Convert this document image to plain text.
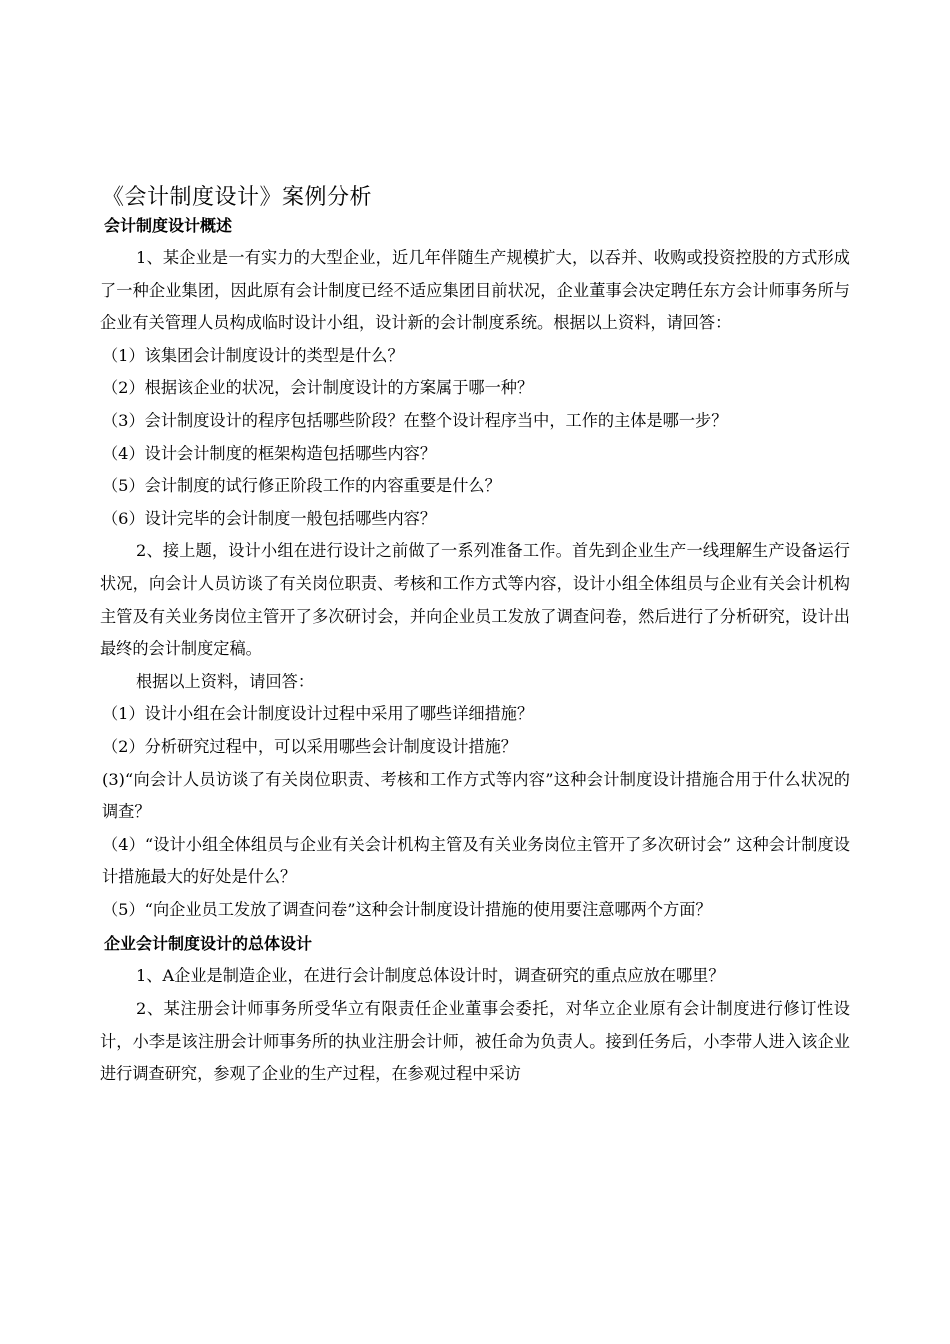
《会计制度设计》案例分析
会计制度设计概述

1、某企业是一有实力的大型企业，近几年伴随生产规模扩大，以吞并、收购或投资控股的方式形成了一种企业集团，因此原有会计制度已经不适应集团目前状况，企业董事会决定聘任东方会计师事务所与企业有关管理人员构成临时设计小组，设计新的会计制度系统。根据以上资料，请回答：

（1）该集团会计制度设计的类型是什么？

（2）根据该企业的状况，会计制度设计的方案属于哪一种？

（3）会计制度设计的程序包括哪些阶段？在整个设计程序当中，工作的主体是哪一步？

（4）设计会计制度的框架构造包括哪些内容？

（5）会计制度的试行修正阶段工作的内容重要是什么？

（6）设计完毕的会计制度一般包括哪些内容？

2、接上题，设计小组在进行设计之前做了一系列准备工作。首先到企业生产一线理解生产设备运行状况，向会计人员访谈了有关岗位职责、考核和工作方式等内容，设计小组全体组员与企业有关会计机构主管及有关业务岗位主管开了多次研讨会，并向企业员工发放了调查问卷，然后进行了分析研究，设计出最终的会计制度定稿。

根据以上资料，请回答：

（1）设计小组在会计制度设计过程中采用了哪些详细措施？

（2）分析研究过程中，可以采用哪些会计制度设计措施？

(3)“向会计人员访谈了有关岗位职责、考核和工作方式等内容”这种会计制度设计措施合用于什么状况的调查？

（4）“设计小组全体组员与企业有关会计机构主管及有关业务岗位主管开了多次研讨会” 这种会计制度设计措施最大的好处是什么？

（5）“向企业员工发放了调查问卷”这种会计制度设计措施的使用要注意哪两个方面？

企业会计制度设计的总体设计

1、A企业是制造企业，在进行会计制度总体设计时，调查研究的重点应放在哪里？

2、某注册会计师事务所受华立有限责任企业董事会委托，对华立企业原有会计制度进行修订性设计，小李是该注册会计师事务所的执业注册会计师，被任命为负责人。接到任务后，小李带人进入该企业进行调查研究，参观了企业的生产过程，在参观过程中采访
